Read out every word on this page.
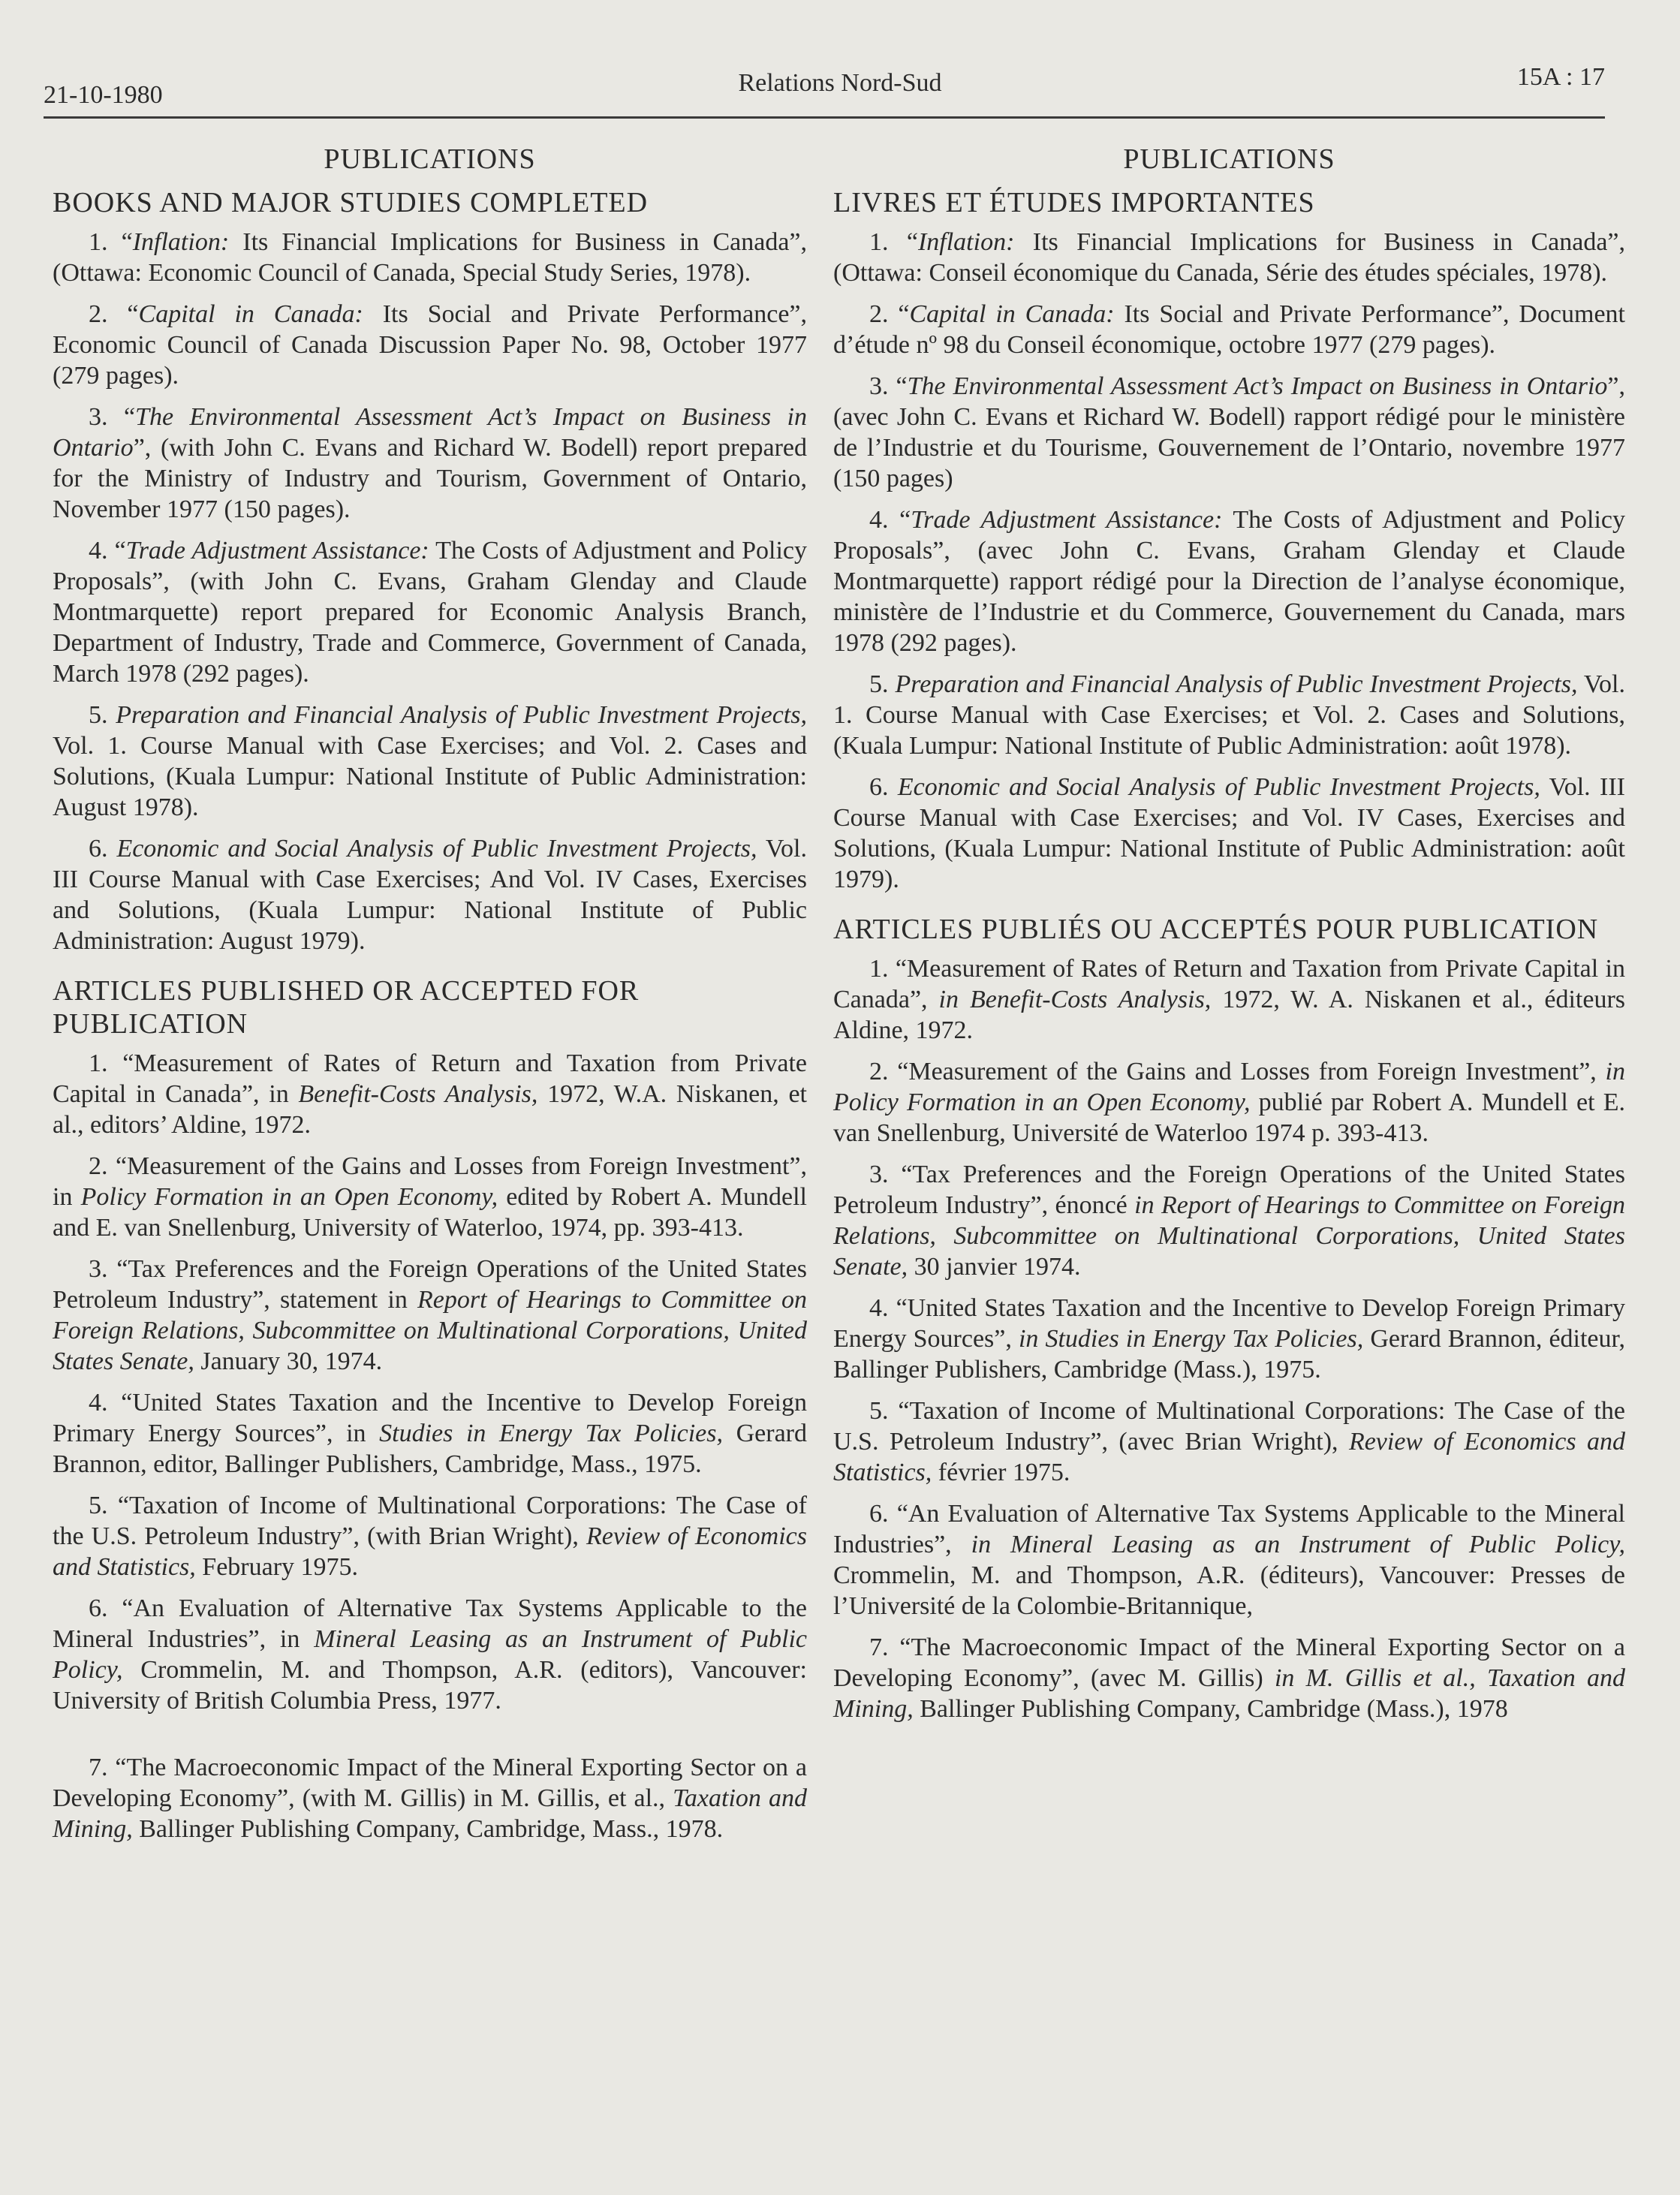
21-10-1980	Relations Nord-Sud	15A : 17
PUBLICATIONS
BOOKS AND MAJOR STUDIES COMPLETED

1. “Inflation: Its Financial Implications for Business in Canada”, (Ottawa: Economic Council of Canada, Special Study Series, 1978).

2. “Capital in Canada: Its Social and Private Performance”, Economic Council of Canada Discussion Paper No. 98, October 1977 (279 pages).

3. “The Environmental Assessment Act’s Impact on Business in Ontario”, (with John C. Evans and Richard W. Bodell) report prepared for the Ministry of Industry and Tourism, Government of Ontario, November 1977 (150 pages).

4. “Trade Adjustment Assistance: The Costs of Adjustment and Policy Proposals”, (with John C. Evans, Graham Glenday and Claude Montmarquette) report prepared for Economic Analysis Branch, Department of Industry, Trade and Commerce, Government of Canada, March 1978 (292 pages).

5. Preparation and Financial Analysis of Public Investment Projects, Vol. 1. Course Manual with Case Exercises; and Vol. 2. Cases and Solutions, (Kuala Lumpur: National Institute of Public Administration: August 1978).

6. Economic and Social Analysis of Public Investment Projects, Vol. III Course Manual with Case Exercises; And Vol. IV Cases, Exercises and Solutions, (Kuala Lumpur: National Institute of Public Administration: August 1979).

ARTICLES PUBLISHED OR ACCEPTED FOR PUBLICATION

1. “Measurement of Rates of Return and Taxation from Private Capital in Canada”, in Benefit-Costs Analysis, 1972, W.A. Niskanen, et al., editors’ Aldine, 1972.

2. “Measurement of the Gains and Losses from Foreign Investment”, in Policy Formation in an Open Economy, edited by Robert A. Mundell and E. van Snellenburg, University of Waterloo, 1974, pp. 393-413.

3. “Tax Preferences and the Foreign Operations of the United States Petroleum Industry”, statement in Report of Hearings to Committee on Foreign Relations, Subcommittee on Multinational Corporations, United States Senate, January 30, 1974.

4. “United States Taxation and the Incentive to Develop Foreign Primary Energy Sources”, in Studies in Energy Tax Policies, Gerard Brannon, editor, Ballinger Publishers, Cambridge, Mass., 1975.

5. “Taxation of Income of Multinational Corporations: The Case of the U.S. Petroleum Industry”, (with Brian Wright), Review of Economics and Statistics, February 1975.

6. “An Evaluation of Alternative Tax Systems Applicable to the Mineral Industries”, in Mineral Leasing as an Instrument of Public Policy, Crommelin, M. and Thompson, A.R. (editors), Vancouver: University of British Columbia Press, 1977.

7. “The Macroeconomic Impact of the Mineral Exporting Sector on a Developing Economy”, (with M. Gillis) in M. Gillis, et al., Taxation and Mining, Ballinger Publishing Company, Cambridge, Mass., 1978.

PUBLICATIONS
LIVRES ET ÉTUDES IMPORTANTES

1. “Inflation: Its Financial Implications for Business in Canada”, (Ottawa: Conseil économique du Canada, Série des études spéciales, 1978).

2. “Capital in Canada: Its Social and Private Performance”, Document d’étude nº 98 du Conseil économique, octobre 1977 (279 pages).

3. “The Environmental Assessment Act’s Impact on Business in Ontario”, (avec John C. Evans et Richard W. Bodell) rapport rédigé pour le ministère de l’Industrie et du Tourisme, Gouvernement de l’Ontario, novembre 1977 (150 pages)

4. “Trade Adjustment Assistance: The Costs of Adjustment and Policy Proposals”, (avec John C. Evans, Graham Glenday et Claude Montmarquette) rapport rédigé pour la Direction de l’analyse économique, ministère de l’Industrie et du Commerce, Gouvernement du Canada, mars 1978 (292 pages).

5. Preparation and Financial Analysis of Public Investment Projects, Vol. 1. Course Manual with Case Exercises; et Vol. 2. Cases and Solutions, (Kuala Lumpur: National Institute of Public Administration: août 1978).

6. Economic and Social Analysis of Public Investment Projects, Vol. III Course Manual with Case Exercises; and Vol. IV Cases, Exercises and Solutions, (Kuala Lumpur: National Institute of Public Administration: août 1979).

ARTICLES PUBLIÉS OU ACCEPTÉS POUR PUBLICATION

1. “Measurement of Rates of Return and Taxation from Private Capital in Canada”, in Benefit-Costs Analysis, 1972, W. A. Niskanen et al., éditeurs Aldine, 1972.

2. “Measurement of the Gains and Losses from Foreign Investment”, in Policy Formation in an Open Economy, publié par Robert A. Mundell et E. van Snellenburg, Université de Waterloo 1974 p. 393-413.

3. “Tax Preferences and the Foreign Operations of the United States Petroleum Industry”, énoncé in Report of Hearings to Committee on Foreign Relations, Subcommittee on Multinational Corporations, United States Senate, 30 janvier 1974.

4. “United States Taxation and the Incentive to Develop Foreign Primary Energy Sources”, in Studies in Energy Tax Policies, Gerard Brannon, éditeur, Ballinger Publishers, Cambridge (Mass.), 1975.

5. “Taxation of Income of Multinational Corporations: The Case of the U.S. Petroleum Industry”, (avec Brian Wright), Review of Economics and Statistics, février 1975.

6. “An Evaluation of Alternative Tax Systems Applicable to the Mineral Industries”, in Mineral Leasing as an Instrument of Public Policy, Crommelin, M. and Thompson, A.R. (éditeurs), Vancouver: Presses de l’Université de la Colombie-Britannique,

7. “The Macroeconomic Impact of the Mineral Exporting Sector on a Developing Economy”, (avec M. Gillis) in M. Gillis et al., Taxation and Mining, Ballinger Publishing Company, Cambridge (Mass.), 1978
